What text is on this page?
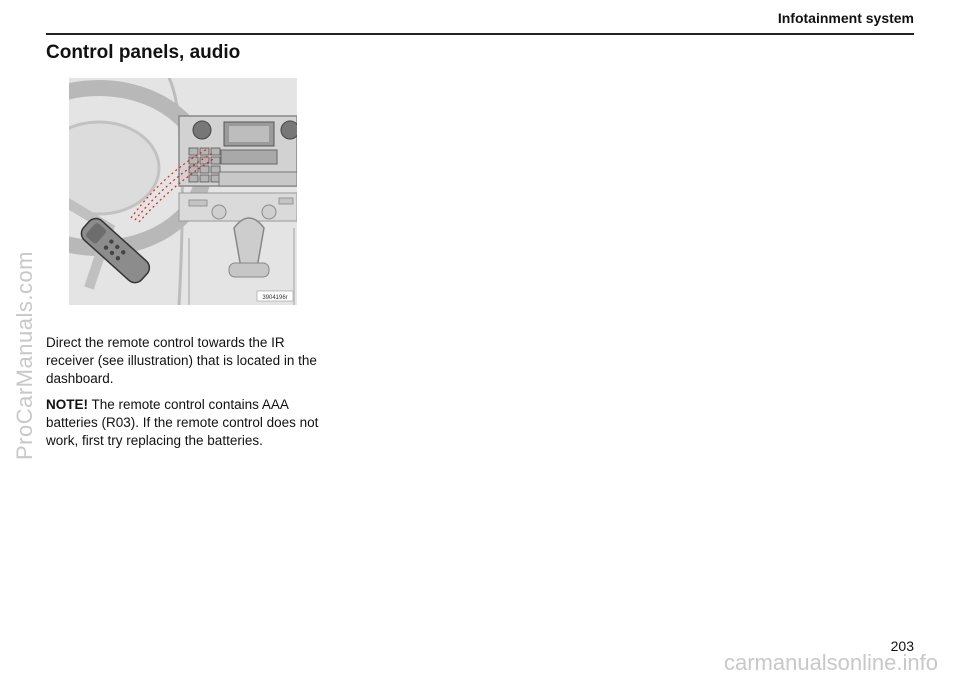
Infotainment system
Control panels, audio
3904196r

Direct the remote control towards the IR receiver (see illustration) that is located in the dashboard.

NOTE! The remote control contains AAA batteries (R03). If the remote control does not work, first try replacing the batteries.

ProCarManuals.com
203
carmanualsonline.info
